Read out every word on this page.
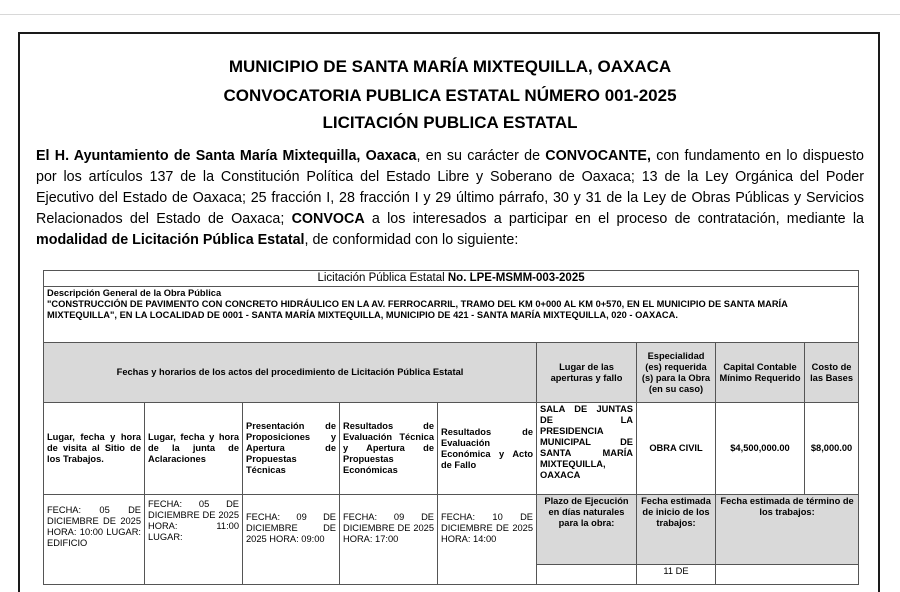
MUNICIPIO DE SANTA MARÍA MIXTEQUILLA, OAXACA
CONVOCATORIA PUBLICA ESTATAL NÚMERO 001-2025
LICITACIÓN PUBLICA ESTATAL
El H. Ayuntamiento de Santa María Mixtequilla, Oaxaca, en su carácter de CONVOCANTE, con fundamento en lo dispuesto por los artículos 137 de la Constitución Política del Estado Libre y Soberano de Oaxaca; 13 de la Ley Orgánica del Poder Ejecutivo del Estado de Oaxaca; 25 fracción I, 28 fracción I y 29 último párrafo, 30 y 31 de la Ley de Obras Públicas y Servicios Relacionados del Estado de Oaxaca; CONVOCA a los interesados a participar en el proceso de contratación, mediante la modalidad de Licitación Pública Estatal, de conformidad con lo siguiente:
Licitación Pública Estatal No. LPE-MSMM-003-2025								

Descripción General de la Obra Pública
"CONSTRUCCIÓN DE PAVIMENTO CON CONCRETO HIDRÁULICO EN LA AV. FERROCARRIL, TRAMO DEL KM 0+000 AL KM 0+570, EN EL MUNICIPIO DE SANTA MARÍA MIXTEQUILLA", EN LA LOCALIDAD DE 0001 - SANTA MARÍA MIXTEQUILLA, MUNICIPIO DE 421 - SANTA MARÍA MIXTEQUILLA, 020 - OAXACA.								

Fechas y horarios de los actos del procedimiento de Licitación Pública Estatal					Lugar de las aperturas y fallo	Especialidad (es) requerida (s) para la Obra (en su caso)	Capital Contable Mínimo Requerido	Costo de las Bases
Lugar, fecha y hora de visita al Sitio de los Trabajos.	Lugar, fecha y hora de la junta de Aclaraciones	Presentación de Proposiciones y Apertura de Propuestas Técnicas	Resultados de Evaluación Técnica y Apertura de Propuestas Económicas	Resultados de Evaluación Económica y Acto de Fallo	SALA DE JUNTAS DE LA PRESIDENCIA MUNICIPAL DE SANTA MARÍA MIXTEQUILLA, OAXACA	OBRA CIVIL	$4,500,000.00	$8,000.00
FECHA: 05 DE DICIEMBRE DE 2025 HORA: 10:00 LUGAR: EDIFICIO	FECHA: 05 DE DICIEMBRE DE 2025 HORA: 11:00 LUGAR:	FECHA: 09 DE DICIEMBRE DE 2025 HORA: 09:00	FECHA: 09 DE DICIEMBRE DE 2025 HORA: 17:00	FECHA: 10 DE DICIEMBRE DE 2025 HORA: 14:00	Plazo de Ejecución en días naturales para la obra:	Fecha estimada de inicio de los trabajos:	Fecha estimada de término de los trabajos:	
						11 DE		
